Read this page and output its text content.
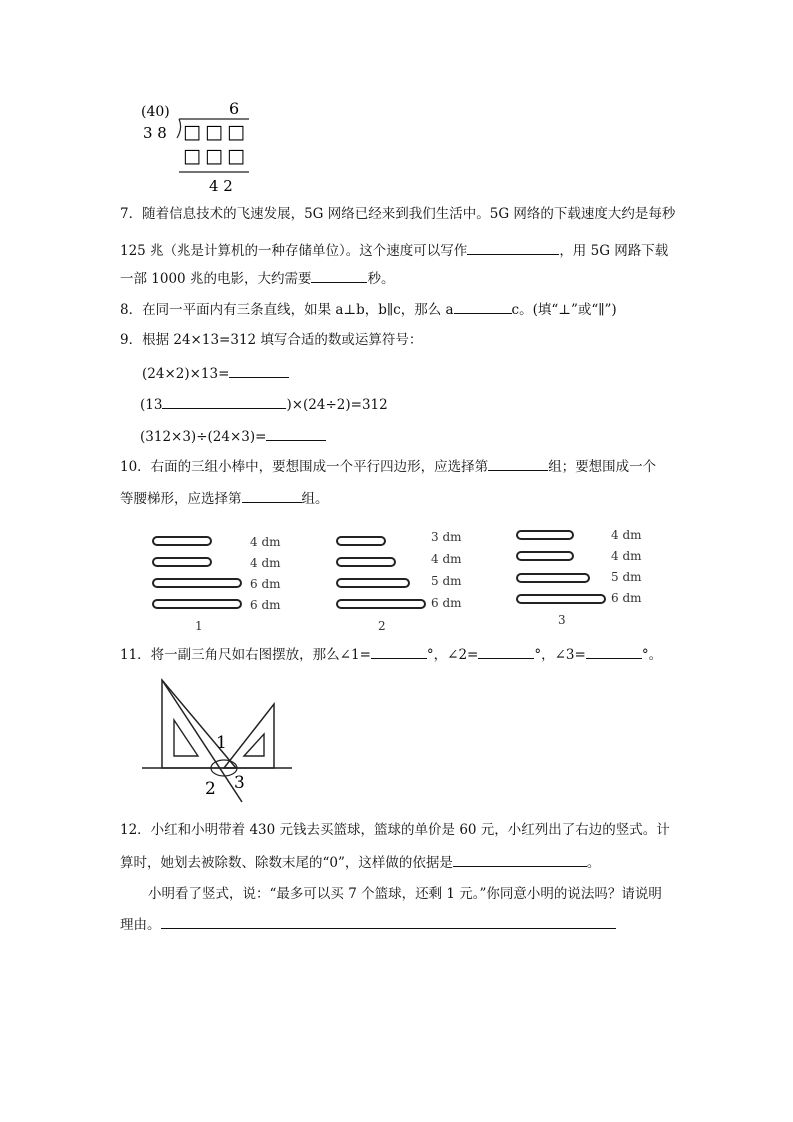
(40)	6
3 8 □ □ □
□ □ □
4 2
7．随着信息技术的飞速发展，5G 网络已经来到我们生活中。5G 网络的下载速度大约是每秒
125 兆（兆是计算机的一种存储单位）。这个速度可以写作	，用 5G 网路下载
一部 1000 兆的电影，大约需要	秒。
8．在同一平面内有三条直线，如果 a⊥b，b∥c，那么 a	c。(填“⊥”或“∥”)
9．根据 24×13=312 填写合适的数或运算符号：
(24×2)×13=
(13	)×(24÷2)=312
(312×3)÷(24×3)=
10．右面的三组小棒中，要想围成一个平行四边形，应选择第	组；要想围成一个
等腰梯形，应选择第	组。
4 dm
4 dm
6 dm
6 dm
1
3 dm
4 dm
5 dm
6 dm
2
4 dm
4 dm
5 dm
6 dm
3
11．将一副三角尺如右图摆放，那么∠1=	°，∠2=	°，∠3=	°。
1
2 3
12．小红和小明带着 430 元钱去买篮球，篮球的单价是 60 元，小红列出了右边的竖式。计
算时，她划去被除数、除数末尾的“0”，这样做的依据是	。
小明看了竖式，说：“最多可以买 7 个篮球，还剩 1 元。”你同意小明的说法吗？请说明
理由。
